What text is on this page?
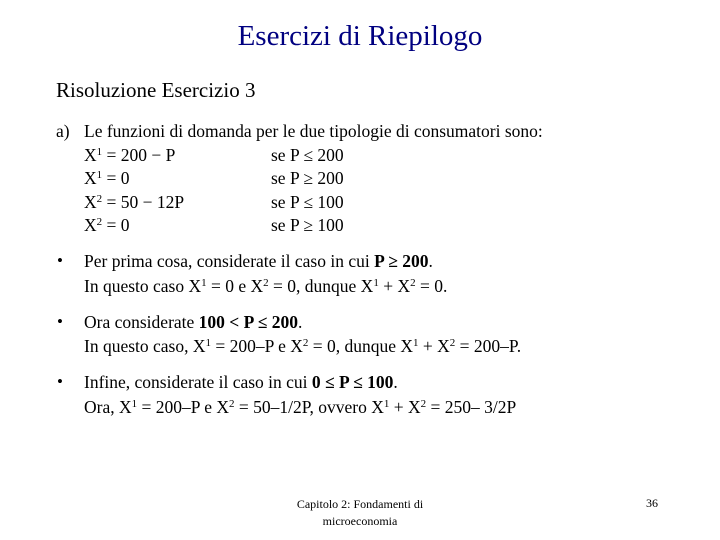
Esercizi di Riepilogo
Risoluzione Esercizio 3
a) Le funzioni di domanda per le due tipologie di consumatori sono:
$X^1 = 200 - P$	se P ≤ 200
$X^1 = 0$	se P ≥ 200
$X^2 = 50 - 12P$	se P ≤ 100
$X^2 = 0$	se P ≥ 100
• Per prima cosa, considerate il caso in cui P ≥ 200.
In questo caso $X^1 = 0$ e $X^2 = 0$, dunque $X^1 + X^2 = 0$.
• Ora considerate 100 < P ≤ 200.
In questo caso, $X^1 = 200-P$ e $X^2 = 0$, dunque $X^1 + X^2 = 200-P$.
• Infine, considerate il caso in cui 0 ≤ P ≤ 100.
Ora, $X^1 = 200-P$ e $X^2 = 50-1/2P$, ovvero $X^1 + X^2 = 250-$ 3/2P
Capitolo 2: Fondamenti di
microeconomia
36
